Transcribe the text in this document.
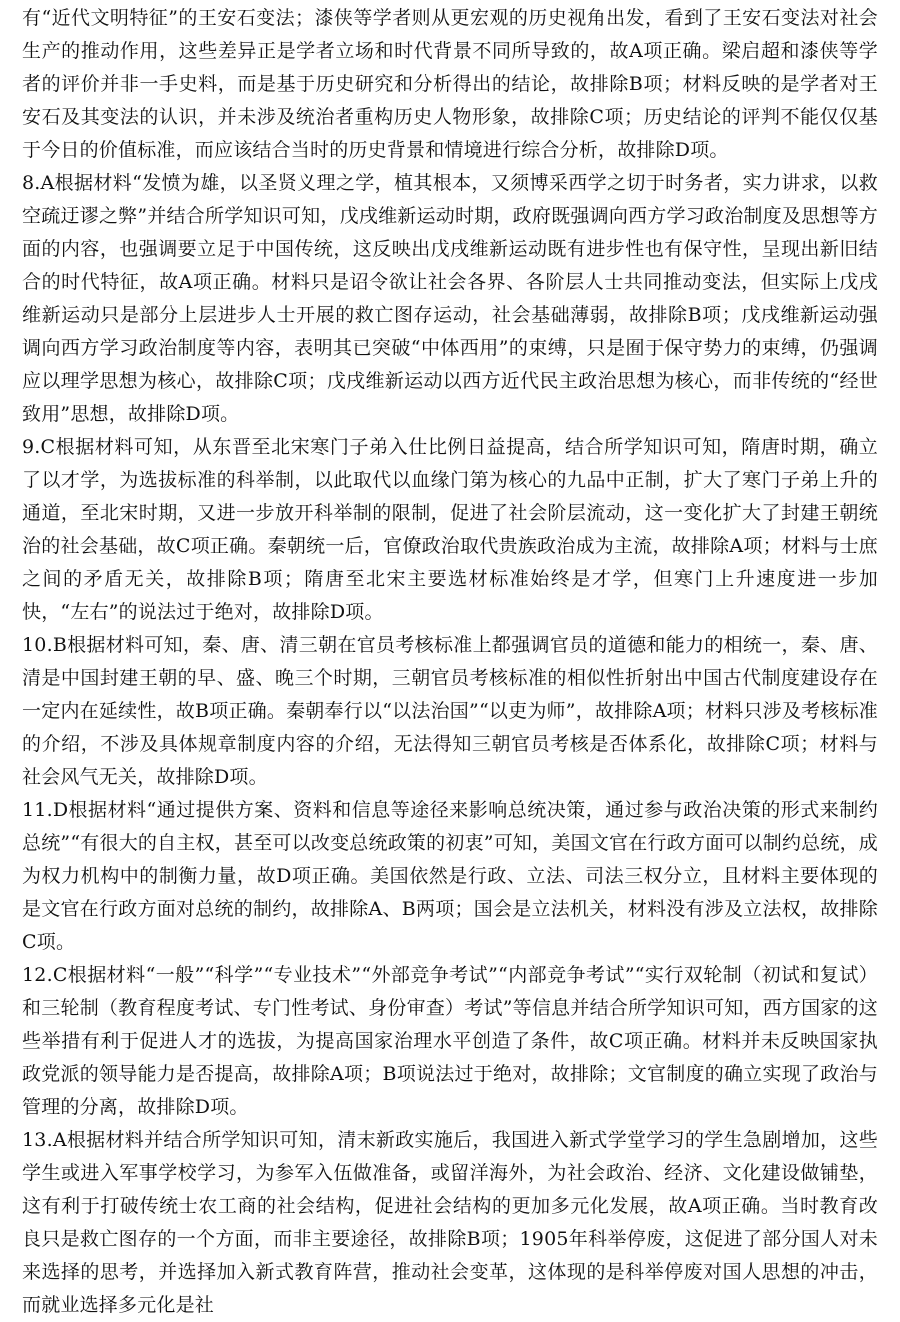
有“近代文明特征”的王安石变法；漆侠等学者则从更宏观的历史视角出发，看到了王安石变法对社会生产的推动作用，这些差异正是学者立场和时代背景不同所导致的，故A项正确。梁启超和漆侠等学者的评价并非一手史料，而是基于历史研究和分析得出的结论，故排除B项；材料反映的是学者对王安石及其变法的认识，并未涉及统治者重构历史人物形象，故排除C项；历史结论的评判不能仅仅基于今日的价值标准，而应该结合当时的历史背景和情境进行综合分析，故排除D项。

8.A根据材料“发愤为雄，以圣贤义理之学，植其根本，又须博采西学之切于时务者，实力讲求，以救空疏迂谬之弊”并结合所学知识可知，戊戌维新运动时期，政府既强调向西方学习政治制度及思想等方面的内容，也强调要立足于中国传统，这反映出戊戌维新运动既有进步性也有保守性，呈现出新旧结合的时代特征，故A项正确。材料只是诏令欲让社会各界、各阶层人士共同推动变法，但实际上戊戌维新运动只是部分上层进步人士开展的救亡图存运动，社会基础薄弱，故排除B项；戊戌维新运动强调向西方学习政治制度等内容，表明其已突破“中体西用”的束缚，只是囿于保守势力的束缚，仍强调应以理学思想为核心，故排除C项；戊戌维新运动以西方近代民主政治思想为核心，而非传统的“经世致用”思想，故排除D项。

9.C根据材料可知，从东晋至北宋寒门子弟入仕比例日益提高，结合所学知识可知，隋唐时期，确立了以才学，为选拔标准的科举制，以此取代以血缘门第为核心的九品中正制，扩大了寒门子弟上升的通道，至北宋时期，又进一步放开科举制的限制，促进了社会阶层流动，这一变化扩大了封建王朝统治的社会基础，故C项正确。秦朝统一后，官僚政治取代贵族政治成为主流，故排除A项；材料与士庶之间的矛盾无关，故排除B项；隋唐至北宋主要选材标准始终是才学，但寒门上升速度进一步加快，“左右”的说法过于绝对，故排除D项。

10.B根据材料可知，秦、唐、清三朝在官员考核标准上都强调官员的道德和能力的相统一，秦、唐、清是中国封建王朝的早、盛、晚三个时期，三朝官员考核标准的相似性折射出中国古代制度建设存在一定内在延续性，故B项正确。秦朝奉行以“以法治国”“以吏为师”，故排除A项；材料只涉及考核标准的介绍，不涉及具体规章制度内容的介绍，无法得知三朝官员考核是否体系化，故排除C项；材料与社会风气无关，故排除D项。

11.D根据材料“通过提供方案、资料和信息等途径来影响总统决策，通过参与政治决策的形式来制约总统”“有很大的自主权，甚至可以改变总统政策的初衷”可知，美国文官在行政方面可以制约总统，成为权力机构中的制衡力量，故D项正确。美国依然是行政、立法、司法三权分立，且材料主要体现的是文官在行政方面对总统的制约，故排除A、B两项；国会是立法机关，材料没有涉及立法权，故排除C项。

12.C根据材料“一般”“科学”“专业技术”“外部竞争考试”“内部竞争考试”“实行双轮制（初试和复试）和三轮制（教育程度考试、专门性考试、身份审查）考试”等信息并结合所学知识可知，西方国家的这些举措有利于促进人才的选拔，为提高国家治理水平创造了条件，故C项正确。材料并未反映国家执政党派的领导能力是否提高，故排除A项；B项说法过于绝对，故排除；文官制度的确立实现了政治与管理的分离，故排除D项。

13.A根据材料并结合所学知识可知，清末新政实施后，我国进入新式学堂学习的学生急剧增加，这些学生或进入军事学校学习，为参军入伍做准备，或留洋海外，为社会政治、经济、文化建设做铺垫，这有利于打破传统士农工商的社会结构，促进社会结构的更加多元化发展，故A项正确。当时教育改良只是救亡图存的一个方面，而非主要途径，故排除B项；1905年科举停废，这促进了部分国人对未来选择的思考，并选择加入新式教育阵营，推动社会变革，这体现的是科举停废对国人思想的冲击，而就业选择多元化是社
